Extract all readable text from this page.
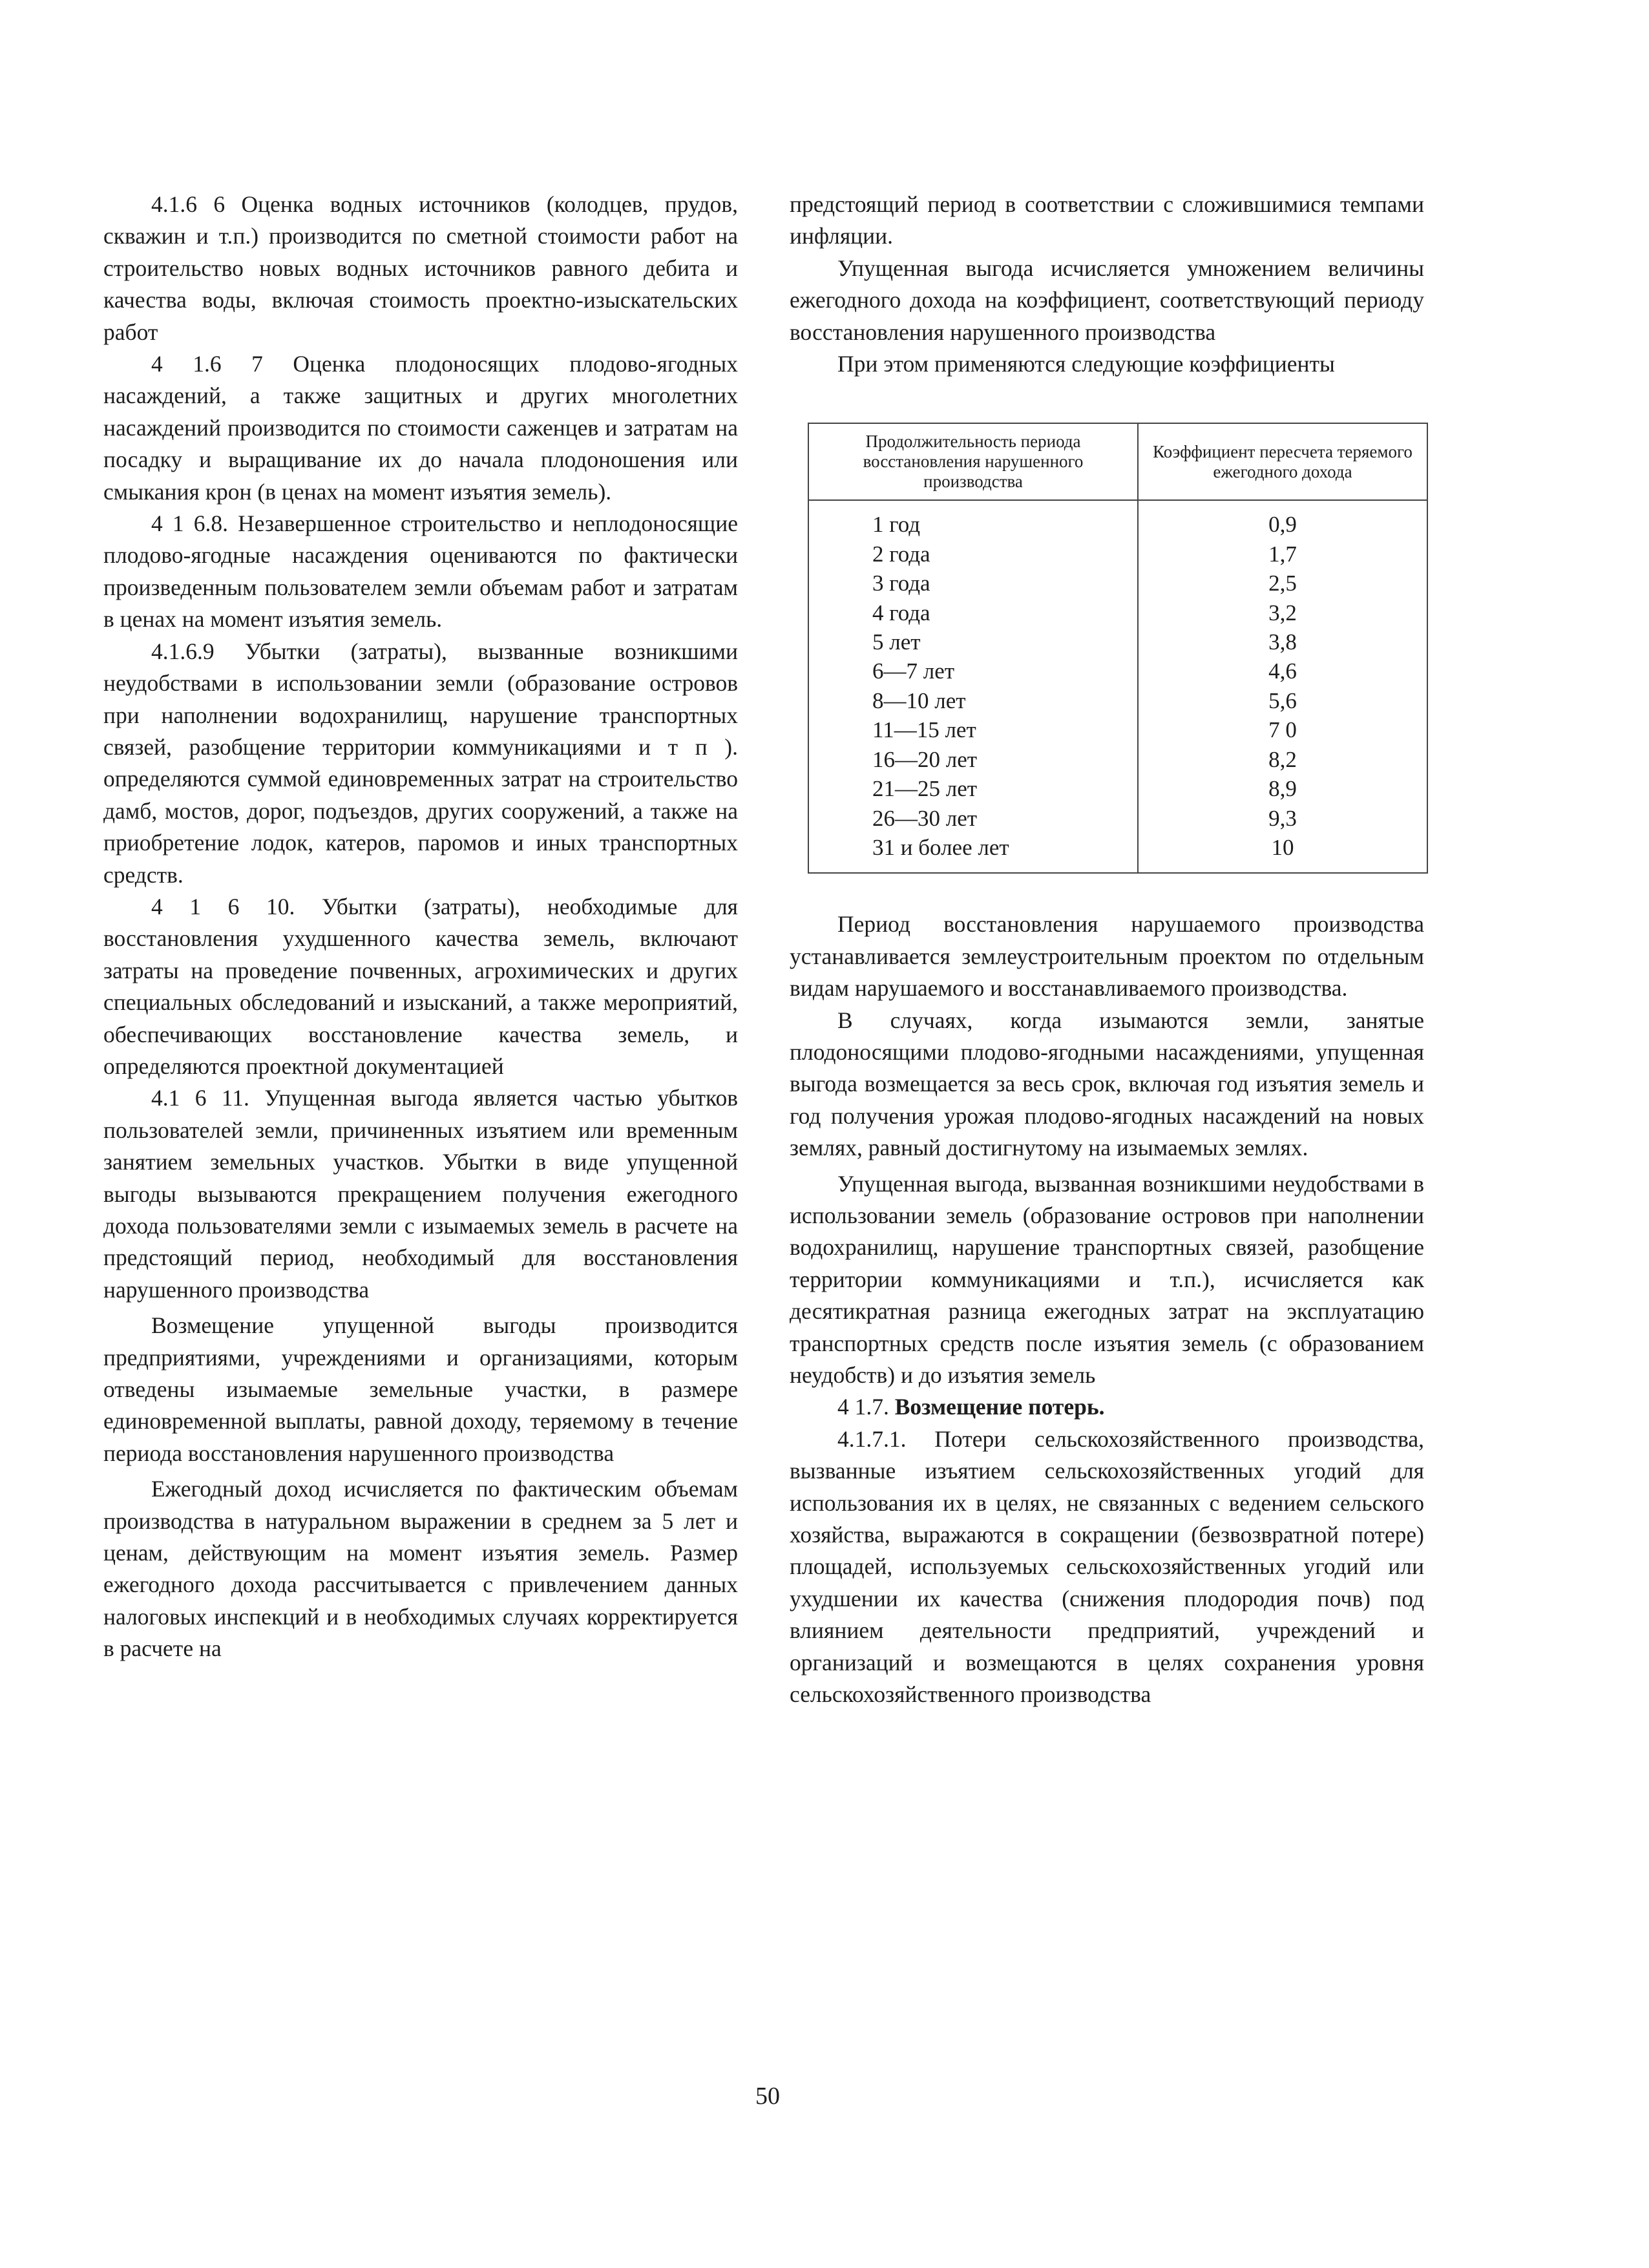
4.1.6 6 Оценка водных источников (колодцев, прудов, скважин и т.п.) производится по сметной стоимости работ на строительство новых водных источников равного дебита и качества воды, включая стоимость проектно-изыскательских работ

4 1.6 7 Оценка плодоносящих плодово-ягодных насаждений, а также защитных и других многолетних насаждений производится по стоимости саженцев и затратам на посадку и выращивание их до начала плодоношения или смыкания крон (в ценах на момент изъятия земель).

4 1 6.8. Незавершенное строительство и неплодоносящие плодово-ягодные насаждения оцениваются по фактически произведенным пользователем земли объемам работ и затратам в ценах на момент изъятия земель.

4.1.6.9 Убытки (затраты), вызванные возникшими неудобствами в использовании земли (образование островов при наполнении водохранилищ, нарушение транспортных связей, разобщение территории коммуникациями и т п ). определяются суммой единовременных затрат на строительство дамб, мостов, дорог, подъездов, других сооружений, а также на приобретение лодок, катеров, паромов и иных транспортных средств.

4 1 6 10. Убытки (затраты), необходимые для восстановления ухудшенного качества земель, включают затраты на проведение почвенных, агрохимических и других специальных обследований и изысканий, а также мероприятий, обеспечивающих восстановление качества земель, и определяются проектной документацией

4.1 6 11. Упущенная выгода является частью убытков пользователей земли, причиненных изъятием или временным занятием земельных участков. Убытки в виде упущенной выгоды вызываются прекращением получения ежегодного дохода пользователями земли с изымаемых земель в расчете на предстоящий период, необходимый для восстановления нарушенного производства

Возмещение упущенной выгоды производится предприятиями, учреждениями и организациями, которым отведены изымаемые земельные участки, в размере единовременной выплаты, равной доходу, теряемому в течение периода восстановления нарушенного производства

Ежегодный доход исчисляется по фактическим объемам производства в натуральном выражении в среднем за 5 лет и ценам, действующим на момент изъятия земель. Размер ежегодного дохода рассчитывается с привлечением данных налоговых инспекций и в необходимых случаях корректируется в расчете на

предстоящий период в соответствии с сложившимися темпами инфляции.

Упущенная выгода исчисляется умножением величины ежегодного дохода на коэффициент, соответствующий периоду восстановления нарушенного производства

При этом применяются следующие коэффициенты

Продолжительность периода восстановления нарушенного производства	Коэффициент пересчета теряемого ежегодного дохода
1 год	0,9
2 года	1,7
3 года	2,5
4 года	3,2
5 лет	3,8
6—7 лет	4,6
8—10 лет	5,6
11—15 лет	7 0
16—20 лет	8,2
21—25 лет	8,9
26—30 лет	9,3
31 и более лет	10

Период восстановления нарушаемого производства устанавливается землеустроительным проектом по отдельным видам нарушаемого и восстанавливаемого производства.

В случаях, когда изымаются земли, занятые плодоносящими плодово-ягодными насаждениями, упущенная выгода возмещается за весь срок, включая год изъятия земель и год получения урожая плодово-ягодных насаждений на новых землях, равный достигнутому на изымаемых землях.

Упущенная выгода, вызванная возникшими неудобствами в использовании земель (образование островов при наполнении водохранилищ, нарушение транспортных связей, разобщение территории коммуникациями и т.п.), исчисляется как десятикратная разница ежегодных затрат на эксплуатацию транспортных средств после изъятия земель (с образованием неудобств) и до изъятия земель

4 1.7. Возмещение потерь.

4.1.7.1. Потери сельскохозяйственного производства, вызванные изъятием сельскохозяйственных угодий для использования их в целях, не связанных с ведением сельского хозяйства, выражаются в сокращении (безвозвратной потере) площадей, используемых сельскохозяйственных угодий или ухудшении их качества (снижения плодородия почв) под влиянием деятельности предприятий, учреждений и организаций и возмещаются в целях сохранения уровня сельскохозяйственного производства

50
